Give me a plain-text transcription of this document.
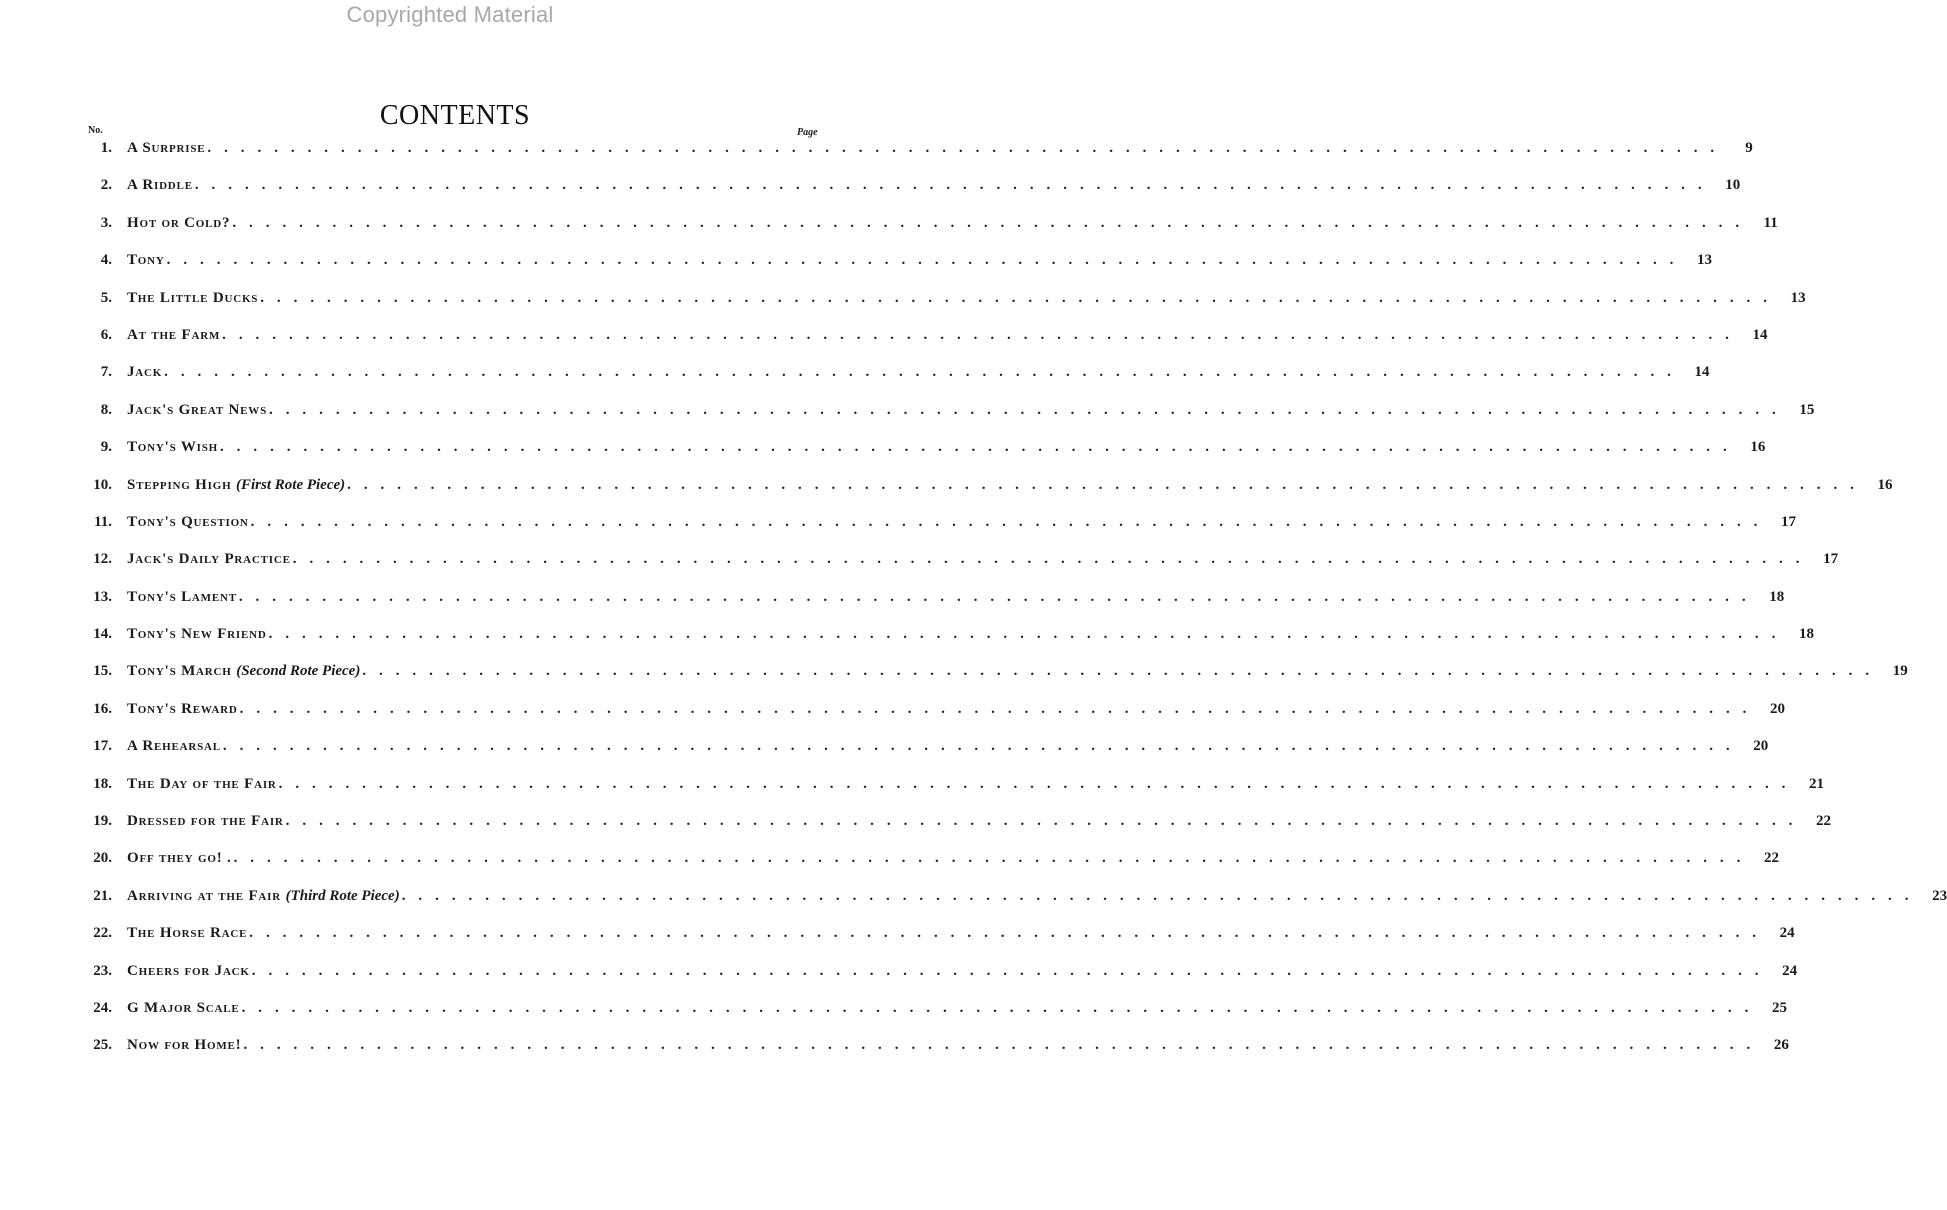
Copyrighted Material
CONTENTS
No.	Page
1.	A Surprise . . . . . . . . . . . . . . . . . . . . . . . . . . . . . . . . . . . . . . . . . . . . . . . . . . . . . . . . . . . . . . . . . . . . . . . . . . . . . . . . . . . . . . . . . . .	9
2.	A Riddle . . . . . . . . . . . . . . . . . . . . . . . . . . . . . . . . . . . . . . . . . . . . . . . . . . . . . . . . . . . . . . . . . . . . . . . . . . . . . . . . . . . . . . . . . . .	10
3.	Hot or Cold? . . . . . . . . . . . . . . . . . . . . . . . . . . . . . . . . . . . . . . . . . . . . . . . . . . . . . . . . . . . . . . . . . . . . . . . . . . . . . . . . . . . . . . . . . . .	11
4.	Tony . . . . . . . . . . . . . . . . . . . . . . . . . . . . . . . . . . . . . . . . . . . . . . . . . . . . . . . . . . . . . . . . . . . . . . . . . . . . . . . . . . . . . . . . . . .	13
5.	The Little Ducks . . . . . . . . . . . . . . . . . . . . . . . . . . . . . . . . . . . . . . . . . . . . . . . . . . . . . . . . . . . . . . . . . . . . . . . . . . . . . . . . . . . . . . . . . . .	13
6.	At the Farm . . . . . . . . . . . . . . . . . . . . . . . . . . . . . . . . . . . . . . . . . . . . . . . . . . . . . . . . . . . . . . . . . . . . . . . . . . . . . . . . . . . . . . . . . . .	14
7.	Jack . . . . . . . . . . . . . . . . . . . . . . . . . . . . . . . . . . . . . . . . . . . . . . . . . . . . . . . . . . . . . . . . . . . . . . . . . . . . . . . . . . . . . . . . . . .	14
8.	Jack's Great News . . . . . . . . . . . . . . . . . . . . . . . . . . . . . . . . . . . . . . . . . . . . . . . . . . . . . . . . . . . . . . . . . . . . . . . . . . . . . . . . . . . . . . . . . . .	15
9.	Tony's Wish . . . . . . . . . . . . . . . . . . . . . . . . . . . . . . . . . . . . . . . . . . . . . . . . . . . . . . . . . . . . . . . . . . . . . . . . . . . . . . . . . . . . . . . . . . .	16
10.	Stepping High (First Rote Piece) . . . . . . . . . . . . . . . . . . . . . . . . . . . . . . . . . . . . . . . . . . . . . . . . . . . . . . . . . . . . . . . . . . . . . . . . . . . . . . . . . . . . . . . . . . .	16
11.	Tony's Question . . . . . . . . . . . . . . . . . . . . . . . . . . . . . . . . . . . . . . . . . . . . . . . . . . . . . . . . . . . . . . . . . . . . . . . . . . . . . . . . . . . . . . . . . . .	17
12.	Jack's Daily Practice . . . . . . . . . . . . . . . . . . . . . . . . . . . . . . . . . . . . . . . . . . . . . . . . . . . . . . . . . . . . . . . . . . . . . . . . . . . . . . . . . . . . . . . . . . .	17
13.	Tony's Lament . . . . . . . . . . . . . . . . . . . . . . . . . . . . . . . . . . . . . . . . . . . . . . . . . . . . . . . . . . . . . . . . . . . . . . . . . . . . . . . . . . . . . . . . . . .	18
14.	Tony's New Friend . . . . . . . . . . . . . . . . . . . . . . . . . . . . . . . . . . . . . . . . . . . . . . . . . . . . . . . . . . . . . . . . . . . . . . . . . . . . . . . . . . . . . . . . . . .	18
15.	Tony's March (Second Rote Piece) . . . . . . . . . . . . . . . . . . . . . . . . . . . . . . . . . . . . . . . . . . . . . . . . . . . . . . . . . . . . . . . . . . . . . . . . . . . . . . . . . . . . . . . . . . .	19
16.	Tony's Reward . . . . . . . . . . . . . . . . . . . . . . . . . . . . . . . . . . . . . . . . . . . . . . . . . . . . . . . . . . . . . . . . . . . . . . . . . . . . . . . . . . . . . . . . . . .	20
17.	A Rehearsal . . . . . . . . . . . . . . . . . . . . . . . . . . . . . . . . . . . . . . . . . . . . . . . . . . . . . . . . . . . . . . . . . . . . . . . . . . . . . . . . . . . . . . . . . . .	20
18.	The Day of the Fair . . . . . . . . . . . . . . . . . . . . . . . . . . . . . . . . . . . . . . . . . . . . . . . . . . . . . . . . . . . . . . . . . . . . . . . . . . . . . . . . . . . . . . . . . . .	21
19.	Dressed for the Fair . . . . . . . . . . . . . . . . . . . . . . . . . . . . . . . . . . . . . . . . . . . . . . . . . . . . . . . . . . . . . . . . . . . . . . . . . . . . . . . . . . . . . . . . . . .	22
20.	Off they go! . . . . . . . . . . . . . . . . . . . . . . . . . . . . . . . . . . . . . . . . . . . . . . . . . . . . . . . . . . . . . . . . . . . . . . . . . . . . . . . . . . . . . . . . . . . .	22
21.	Arriving at the Fair (Third Rote Piece) . . . . . . . . . . . . . . . . . . . . . . . . . . . . . . . . . . . . . . . . . . . . . . . . . . . . . . . . . . . . . . . . . . . . . . . . . . . . . . . . . . . . . . . . . . .	23
22.	The Horse Race . . . . . . . . . . . . . . . . . . . . . . . . . . . . . . . . . . . . . . . . . . . . . . . . . . . . . . . . . . . . . . . . . . . . . . . . . . . . . . . . . . . . . . . . . . .	24
23.	Cheers for Jack . . . . . . . . . . . . . . . . . . . . . . . . . . . . . . . . . . . . . . . . . . . . . . . . . . . . . . . . . . . . . . . . . . . . . . . . . . . . . . . . . . . . . . . . . . .	24
24.	G Major Scale . . . . . . . . . . . . . . . . . . . . . . . . . . . . . . . . . . . . . . . . . . . . . . . . . . . . . . . . . . . . . . . . . . . . . . . . . . . . . . . . . . . . . . . . . . .	25
25.	Now for Home! . . . . . . . . . . . . . . . . . . . . . . . . . . . . . . . . . . . . . . . . . . . . . . . . . . . . . . . . . . . . . . . . . . . . . . . . . . . . . . . . . . . . . . . . . . .	26
